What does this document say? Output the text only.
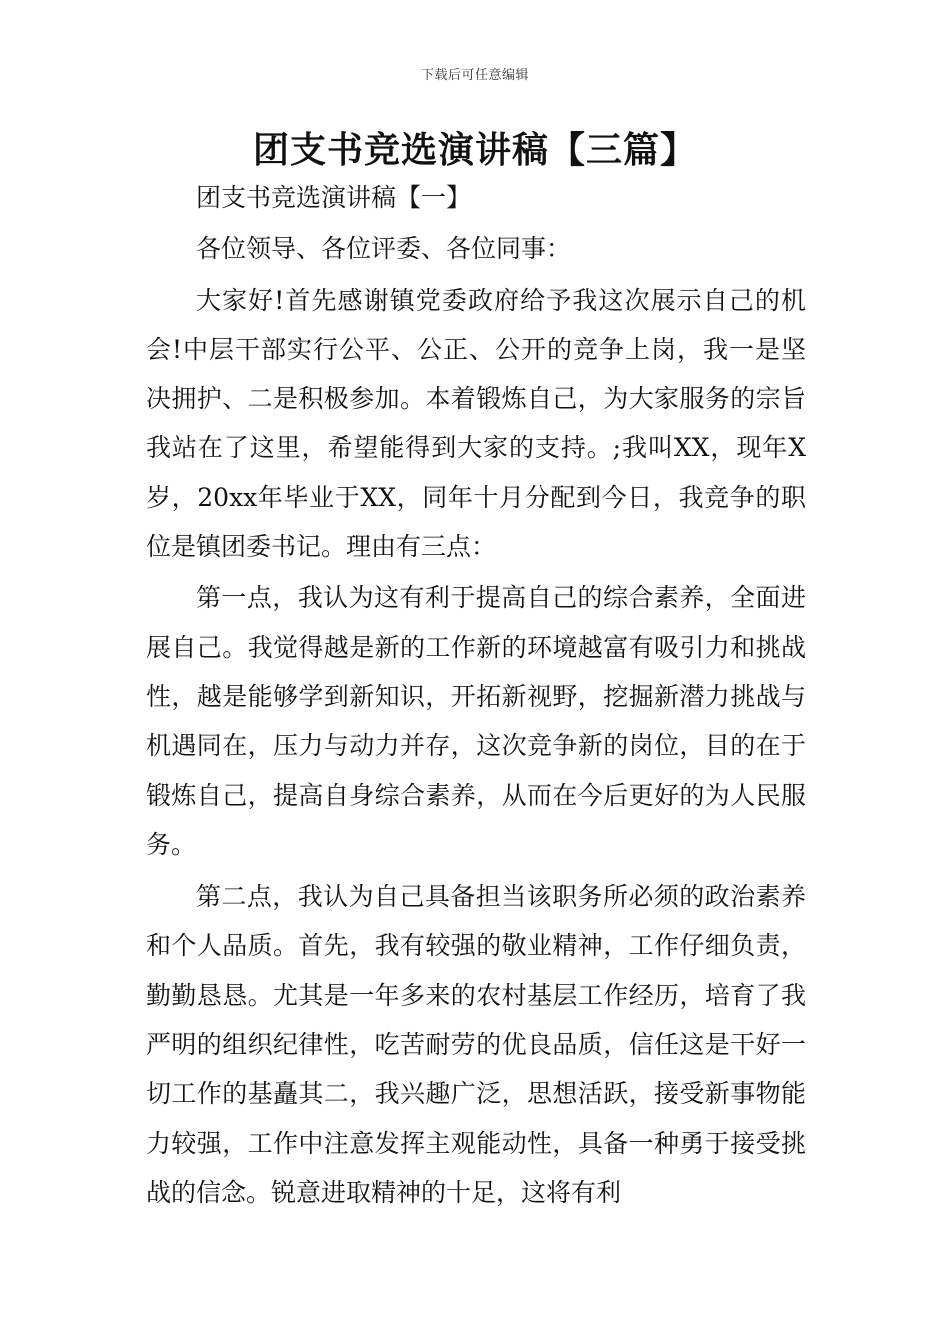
下载后可任意编辑
团支书竞选演讲稿【三篇】

团支书竞选演讲稿【一】

各位领导、各位评委、各位同事：

大家好!首先感谢镇党委政府给予我这次展示自己的机会!中层干部实行公平、公正、公开的竞争上岗，我一是坚决拥护、二是积极参加。本着锻炼自己，为大家服务的宗旨我站在了这里，希望能得到大家的支持。;我叫XX，现年X岁，20xx年毕业于XX，同年十月分配到今日，我竞争的职位是镇团委书记。理由有三点：

第一点，我认为这有利于提高自己的综合素养，全面进展自己。我觉得越是新的工作新的环境越富有吸引力和挑战性，越是能够学到新知识，开拓新视野，挖掘新潜力挑战与机遇同在，压力与动力并存，这次竞争新的岗位，目的在于锻炼自己，提高自身综合素养，从而在今后更好的为人民服务。

第二点，我认为自己具备担当该职务所必须的政治素养和个人品质。首先，我有较强的敬业精神，工作仔细负责，勤勤恳恳。尤其是一年多来的农村基层工作经历，培育了我严明的组织纪律性，吃苦耐劳的优良品质，信任这是干好一切工作的基矗其二，我兴趣广泛，思想活跃，接受新事物能力较强，工作中注意发挥主观能动性，具备一种勇于接受挑战的信念。锐意进取精神的十足，这将有利
